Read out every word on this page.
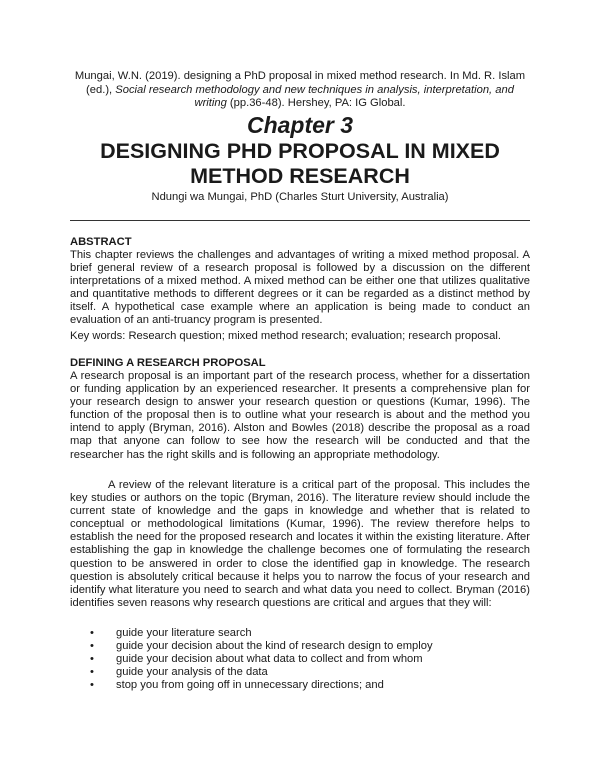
Mungai, W.N. (2019). designing a PhD proposal in mixed method research. In Md. R. Islam (ed.), Social research methodology and new techniques in analysis, interpretation, and writing (pp.36-48). Hershey, PA: IG Global.
Chapter 3
DESIGNING PHD PROPOSAL IN MIXED METHOD RESEARCH
Ndungi wa Mungai, PhD (Charles Sturt University, Australia)
ABSTRACT

This chapter reviews the challenges and advantages of writing a mixed method proposal. A brief general review of a research proposal is followed by a discussion on the different interpretations of a mixed method. A mixed method can be either one that utilizes qualitative and quantitative methods to different degrees or it can be regarded as a distinct method by itself. A hypothetical case example where an application is being made to conduct an evaluation of an anti-truancy program is presented.

Key words: Research question; mixed method research; evaluation; research proposal.

DEFINING A RESEARCH PROPOSAL

A research proposal is an important part of the research process, whether for a dissertation or funding application by an experienced researcher. It presents a comprehensive plan for your research design to answer your research question or questions (Kumar, 1996). The function of the proposal then is to outline what your research is about and the method you intend to apply (Bryman, 2016). Alston and Bowles (2018) describe the proposal as a road map that anyone can follow to see how the research will be conducted and that the researcher has the right skills and is following an appropriate methodology.

A review of the relevant literature is a critical part of the proposal. This includes the key studies or authors on the topic (Bryman, 2016). The literature review should include the current state of knowledge and the gaps in knowledge and whether that is related to conceptual or methodological limitations (Kumar, 1996). The review therefore helps to establish the need for the proposed research and locates it within the existing literature. After establishing the gap in knowledge the challenge becomes one of formulating the research question to be answered in order to close the identified gap in knowledge. The research question is absolutely critical because it helps you to narrow the focus of your research and identify what literature you need to search and what data you need to collect. Bryman (2016) identifies seven reasons why research questions are critical and argues that they will:

• guide your literature search
• guide your decision about the kind of research design to employ
• guide your decision about what data to collect and from whom
• guide your analysis of the data
• stop you from going off in unnecessary directions; and
